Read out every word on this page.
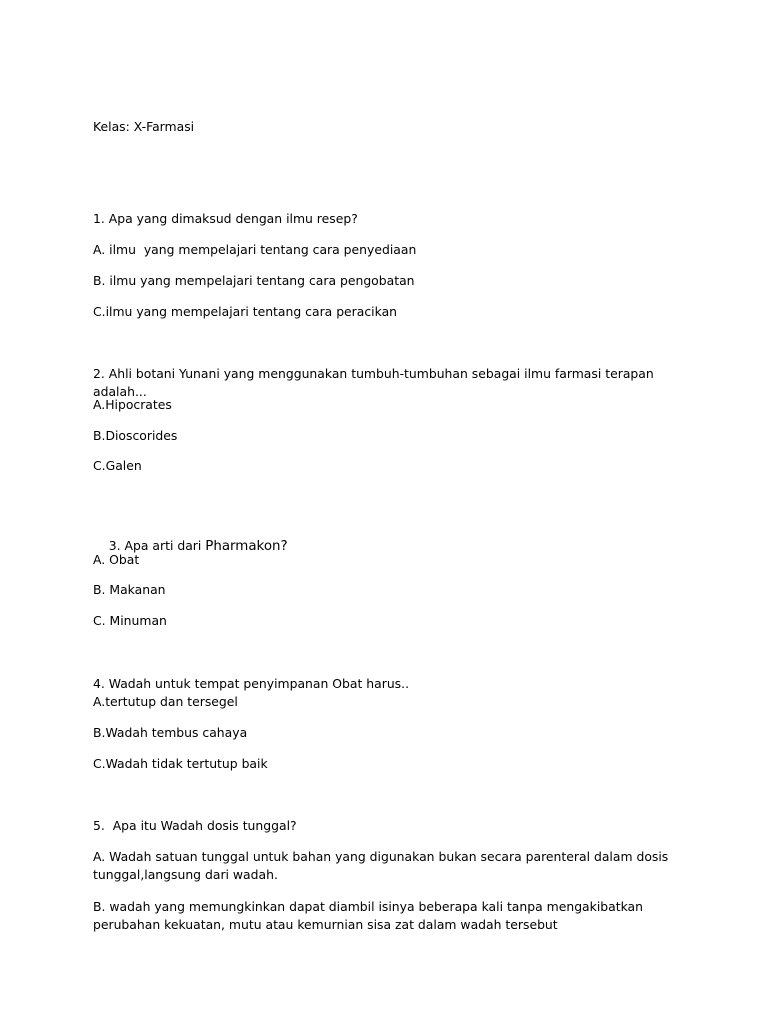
Kelas: X-Farmasi
1. Apa yang dimaksud dengan ilmu resep?
A. ilmu  yang mempelajari tentang cara penyediaan
B. ilmu yang mempelajari tentang cara pengobatan
C.ilmu yang mempelajari tentang cara peracikan
2. Ahli botani Yunani yang menggunakan tumbuh-tumbuhan sebagai ilmu farmasi terapan adalah...
A.Hipocrates
B.Dioscorides
C.Galen

3. Apa arti dari Pharmakon?

A. Obat
B. Makanan
C. Minuman
4. Wadah untuk tempat penyimpanan Obat harus..
A.tertutup dan tersegel
B.Wadah tembus cahaya
C.Wadah tidak tertutup baik
5.  Apa itu Wadah dosis tunggal?
A. Wadah satuan tunggal untuk bahan yang digunakan bukan secara parenteral dalam dosis tunggal,langsung dari wadah.
B. wadah yang memungkinkan dapat diambil isinya beberapa kali tanpa mengakibatkan perubahan kekuatan, mutu atau kemurnian sisa zat dalam wadah tersebut
